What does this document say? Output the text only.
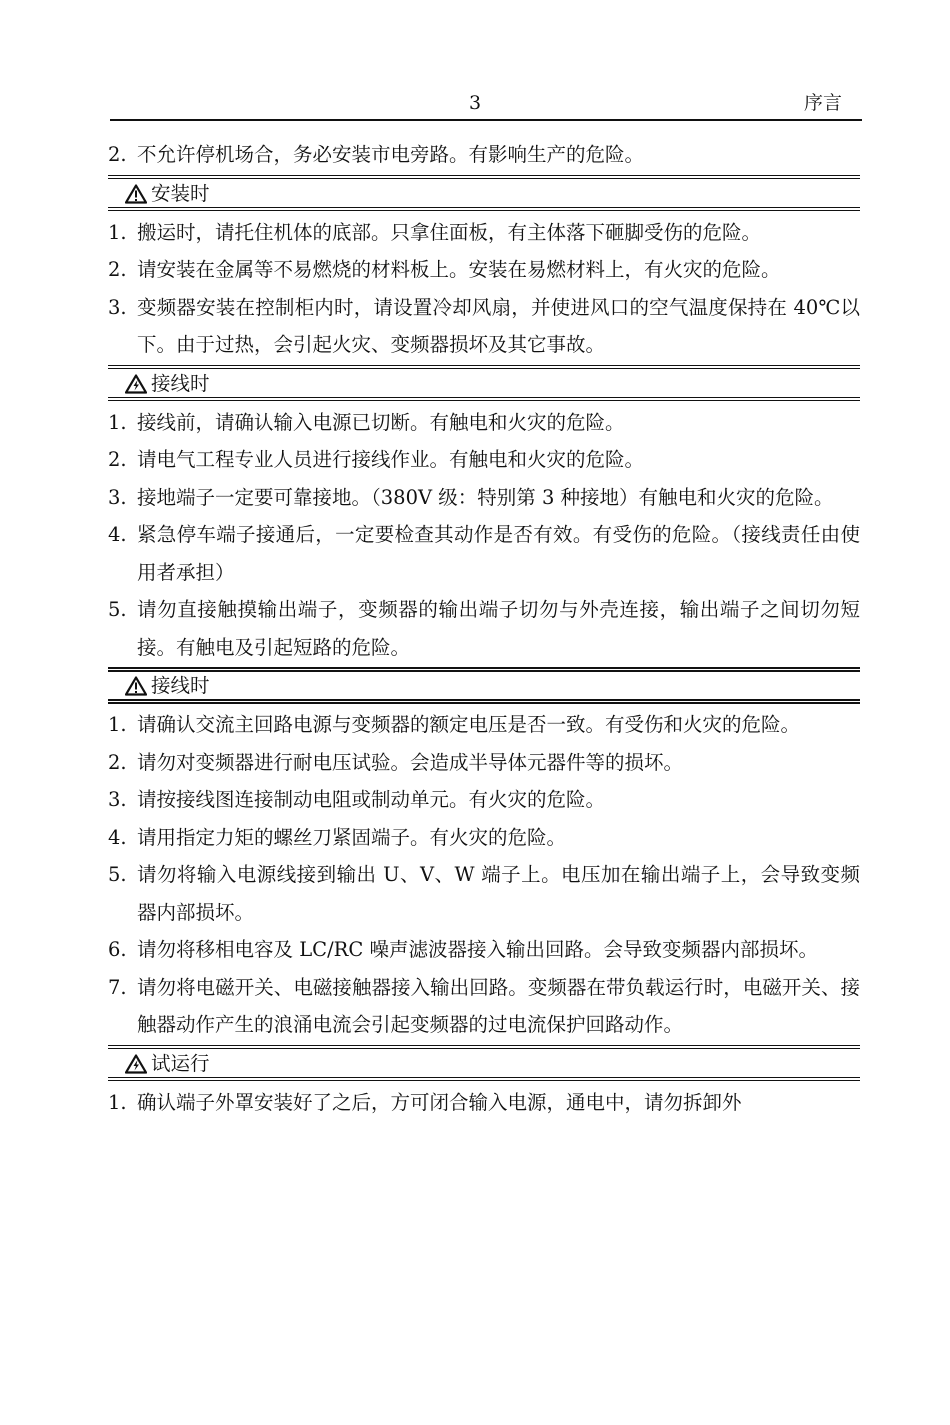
3	序言
2 . 不允许停机场合，务必安装市电旁路。有影响生产的危险。
安装时
1 . 搬运时，请托住机体的底部。只拿住面板，有主体落下砸脚受伤的危险。
2 . 请安装在金属等不易燃烧的材料板上。安装在易燃材料上，有火灾的危险。
3 . 变频器安装在控制柜内时，请设置冷却风扇，并使进风口的空气温度保持在 40℃以下。由于过热，会引起火灾、变频器损坏及其它事故。
接线时
1 . 接线前，请确认输入电源已切断。有触电和火灾的危险。
2 . 请电气工程专业人员进行接线作业。有触电和火灾的危险。
3 . 接地端子一定要可靠接地。（380V 级：特别第 3 种接地）有触电和火灾的危险。
4 . 紧急停车端子接通后，一定要检查其动作是否有效。有受伤的危险。（接线责任由使用者承担）
5 . 请勿直接触摸输出端子，变频器的输出端子切勿与外壳连接，输出端子之间切勿短接。有触电及引起短路的危险。
接线时
1 . 请确认交流主回路电源与变频器的额定电压是否一致。有受伤和火灾的危险。
2 . 请勿对变频器进行耐电压试验。会造成半导体元器件等的损坏。
3 . 请按接线图连接制动电阻或制动单元。有火灾的危险。
4 . 请用指定力矩的螺丝刀紧固端子。有火灾的危险。
5 . 请勿将输入电源线接到输出 U、V、W 端子上。电压加在输出端子上，会导致变频器内部损坏。
6 . 请勿将移相电容及 LC/RC 噪声滤波器接入输出回路。会导致变频器内部损坏。
7 . 请勿将电磁开关、电磁接触器接入输出回路。变频器在带负载运行时，电磁开关、接触器动作产生的浪涌电流会引起变频器的过电流保护回路动作。
试运行
1 . 确认端子外罩安装好了之后，方可闭合输入电源，通电中，请勿拆卸外
